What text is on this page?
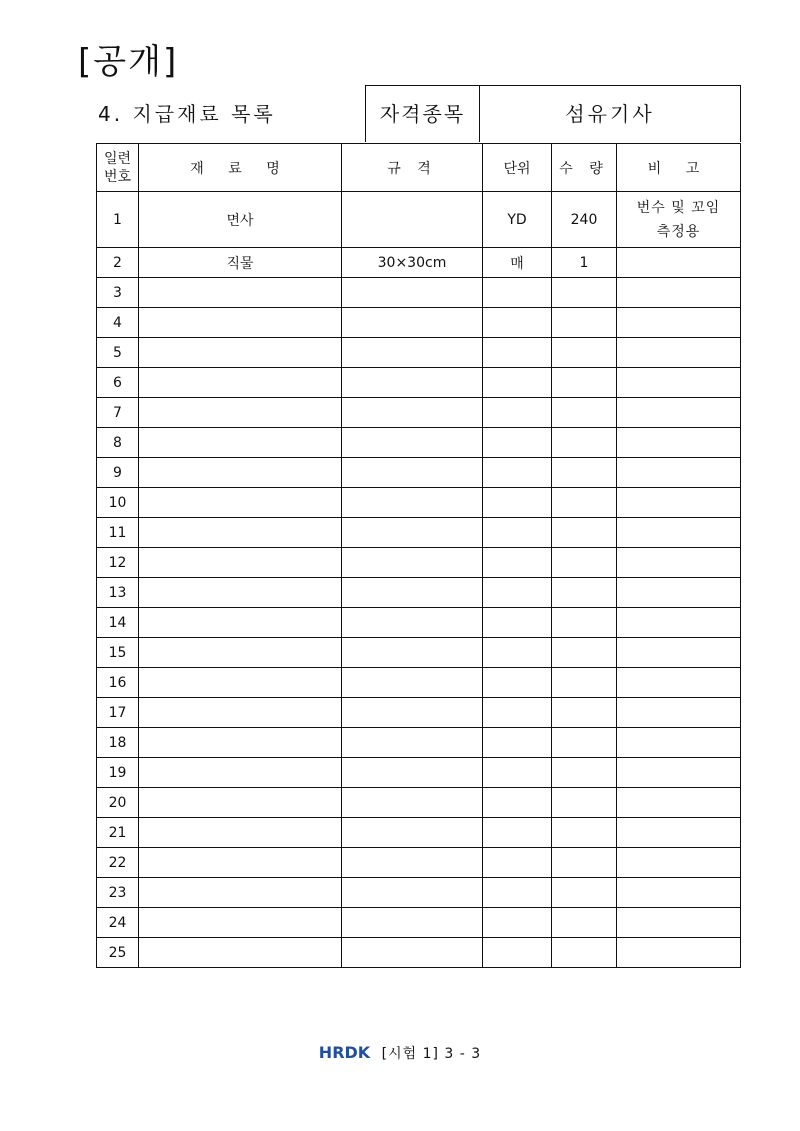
[공개]
4. 지급재료 목록	자격종목	섬유기사
일련
번호	재 료 명	규 격	단위	수 량	비 고
1	면사		YD	240	번수 및 꼬임
측정용

2	직물	30×30cm	매	1	

3					
4					
5					
6					
7					
8					
9					
10					
11					
12					
13					
14					
15					
16					
17					
18					
19					
20					
21					
22					
23					
24					
25					
HRDK [시험 1] 3 - 3
